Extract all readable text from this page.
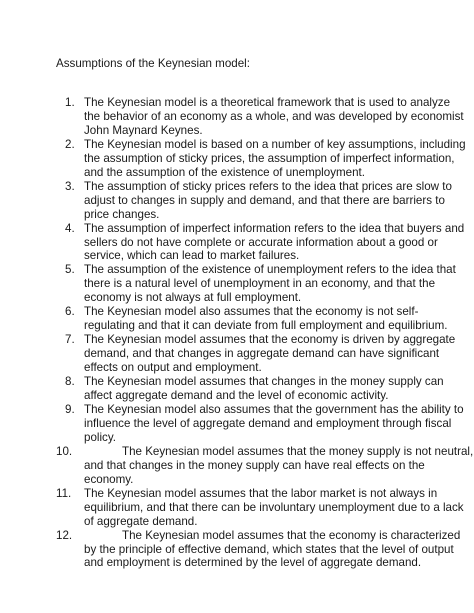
Assumptions of the Keynesian model:
1. The Keynesian model is a theoretical framework that is used to analyze
the behavior of an economy as a whole, and was developed by economist
John Maynard Keynes.
2. The Keynesian model is based on a number of key assumptions, including
the assumption of sticky prices, the assumption of imperfect information,
and the assumption of the existence of unemployment.
3. The assumption of sticky prices refers to the idea that prices are slow to
adjust to changes in supply and demand, and that there are barriers to
price changes.
4. The assumption of imperfect information refers to the idea that buyers and
sellers do not have complete or accurate information about a good or
service, which can lead to market failures.
5. The assumption of the existence of unemployment refers to the idea that
there is a natural level of unemployment in an economy, and that the
economy is not always at full employment.
6. The Keynesian model also assumes that the economy is not self-
regulating and that it can deviate from full employment and equilibrium.
7. The Keynesian model assumes that the economy is driven by aggregate
demand, and that changes in aggregate demand can have significant
effects on output and employment.
8. The Keynesian model assumes that changes in the money supply can
affect aggregate demand and the level of economic activity.
9. The Keynesian model also assumes that the government has the ability to
influence the level of aggregate demand and employment through fiscal
policy.
10.	The Keynesian model assumes that the money supply is not neutral,
and that changes in the money supply can have real effects on the
economy.
11. The Keynesian model assumes that the labor market is not always in
equilibrium, and that there can be involuntary unemployment due to a lack
of aggregate demand.
12.	The Keynesian model assumes that the economy is characterized
by the principle of effective demand, which states that the level of output
and employment is determined by the level of aggregate demand.
